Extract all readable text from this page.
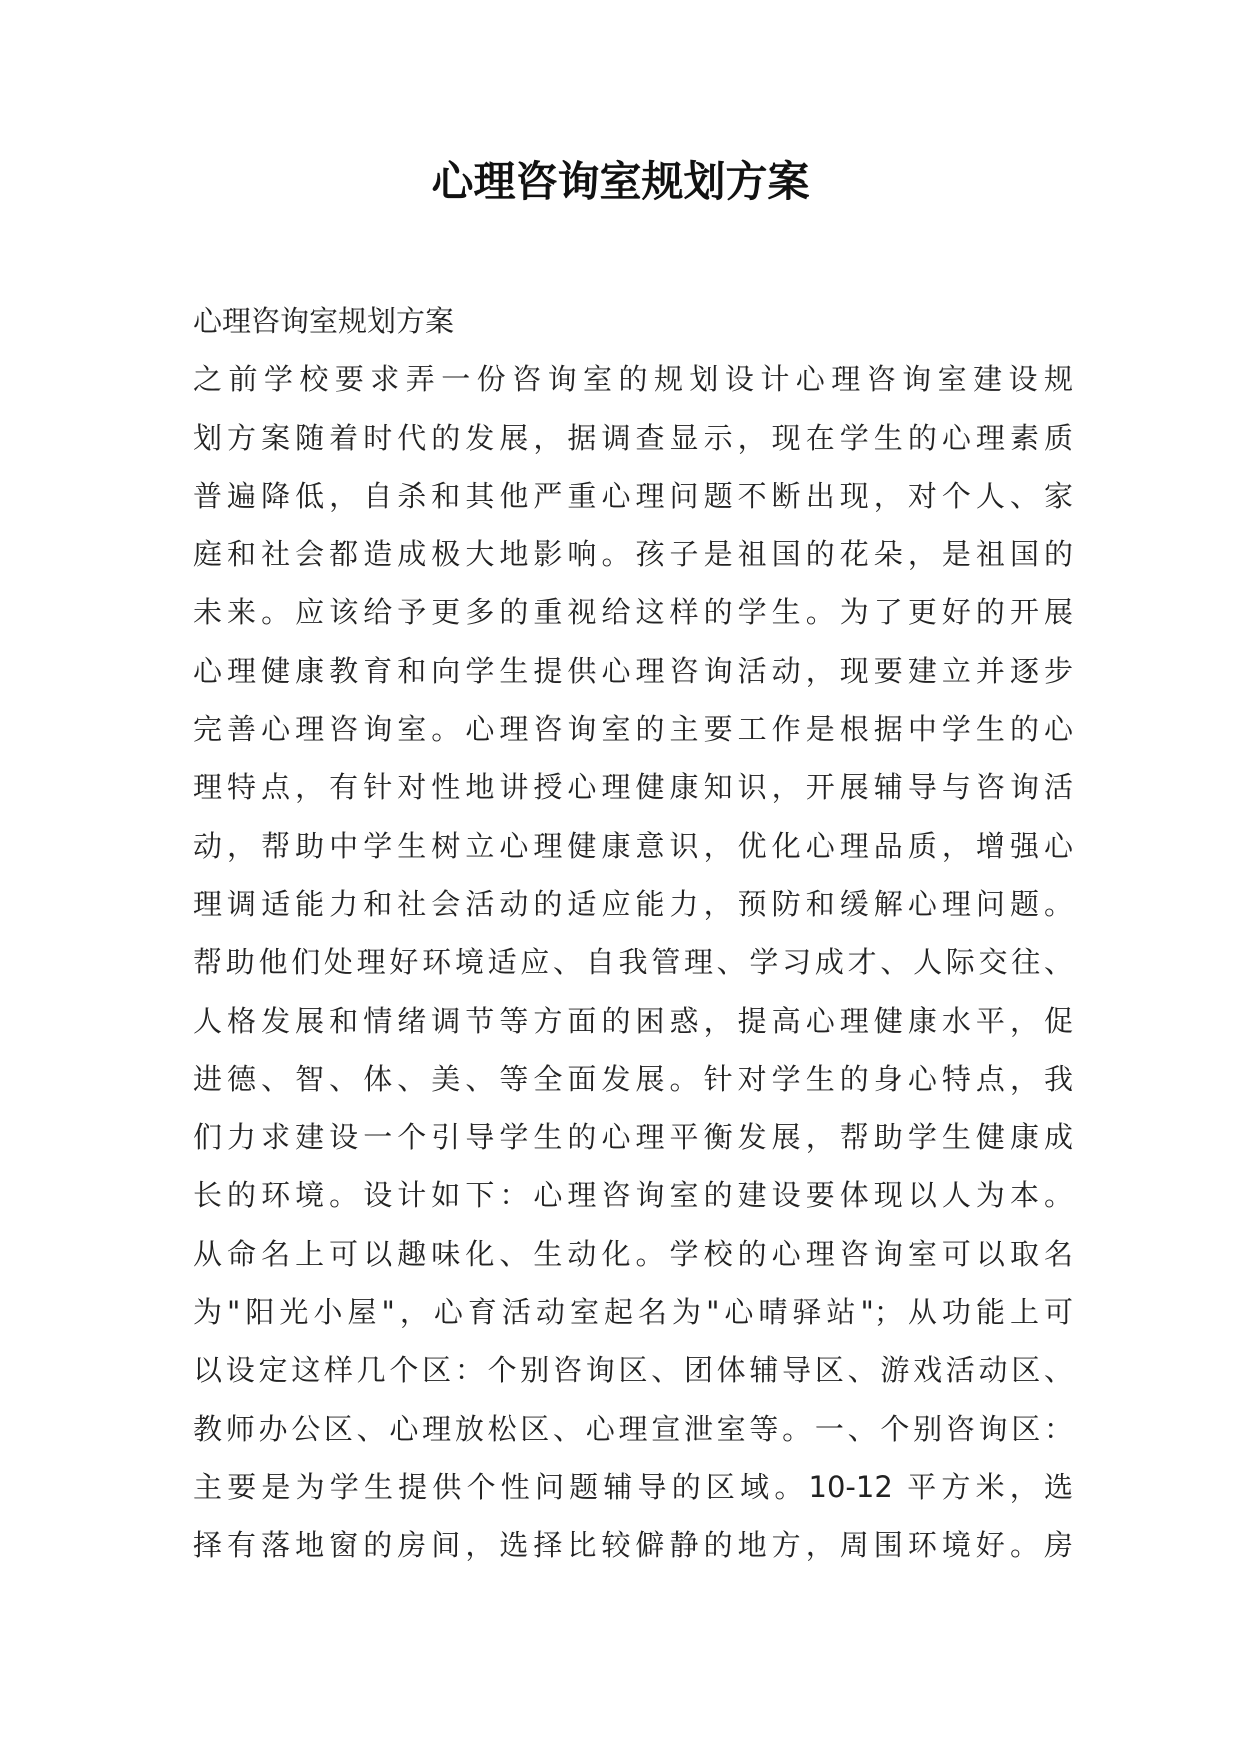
心理咨询室规划方案
心理咨询室规划方案
之前学校要求弄一份咨询室的规划设计心理咨询室建设规
划方案随着时代的发展，据调查显示，现在学生的心理素质
普遍降低，自杀和其他严重心理问题不断出现，对个人、家
庭和社会都造成极大地影响。孩子是祖国的花朵，是祖国的
未来。应该给予更多的重视给这样的学生。为了更好的开展
心理健康教育和向学生提供心理咨询活动，现要建立并逐步
完善心理咨询室。心理咨询室的主要工作是根据中学生的心
理特点，有针对性地讲授心理健康知识，开展辅导与咨询活
动，帮助中学生树立心理健康意识，优化心理品质，增强心
理调适能力和社会活动的适应能力，预防和缓解心理问题。
帮助他们处理好环境适应、自我管理、学习成才、人际交往、
人格发展和情绪调节等方面的困惑，提高心理健康水平，促
进德、智、体、美、等全面发展。针对学生的身心特点，我
们力求建设一个引导学生的心理平衡发展，帮助学生健康成
长的环境。设计如下：心理咨询室的建设要体现以人为本。
从命名上可以趣味化、生动化。学校的心理咨询室可以取名
为"阳光小屋"，心育活动室起名为"心晴驿站"；从功能上可
以设定这样几个区：个别咨询区、团体辅导区、游戏活动区、
教师办公区、心理放松区、心理宣泄室等。一、个别咨询区：
主要是为学生提供个性问题辅导的区域。10-12 平方米，选
择有落地窗的房间，选择比较僻静的地方，周围环境好。房
